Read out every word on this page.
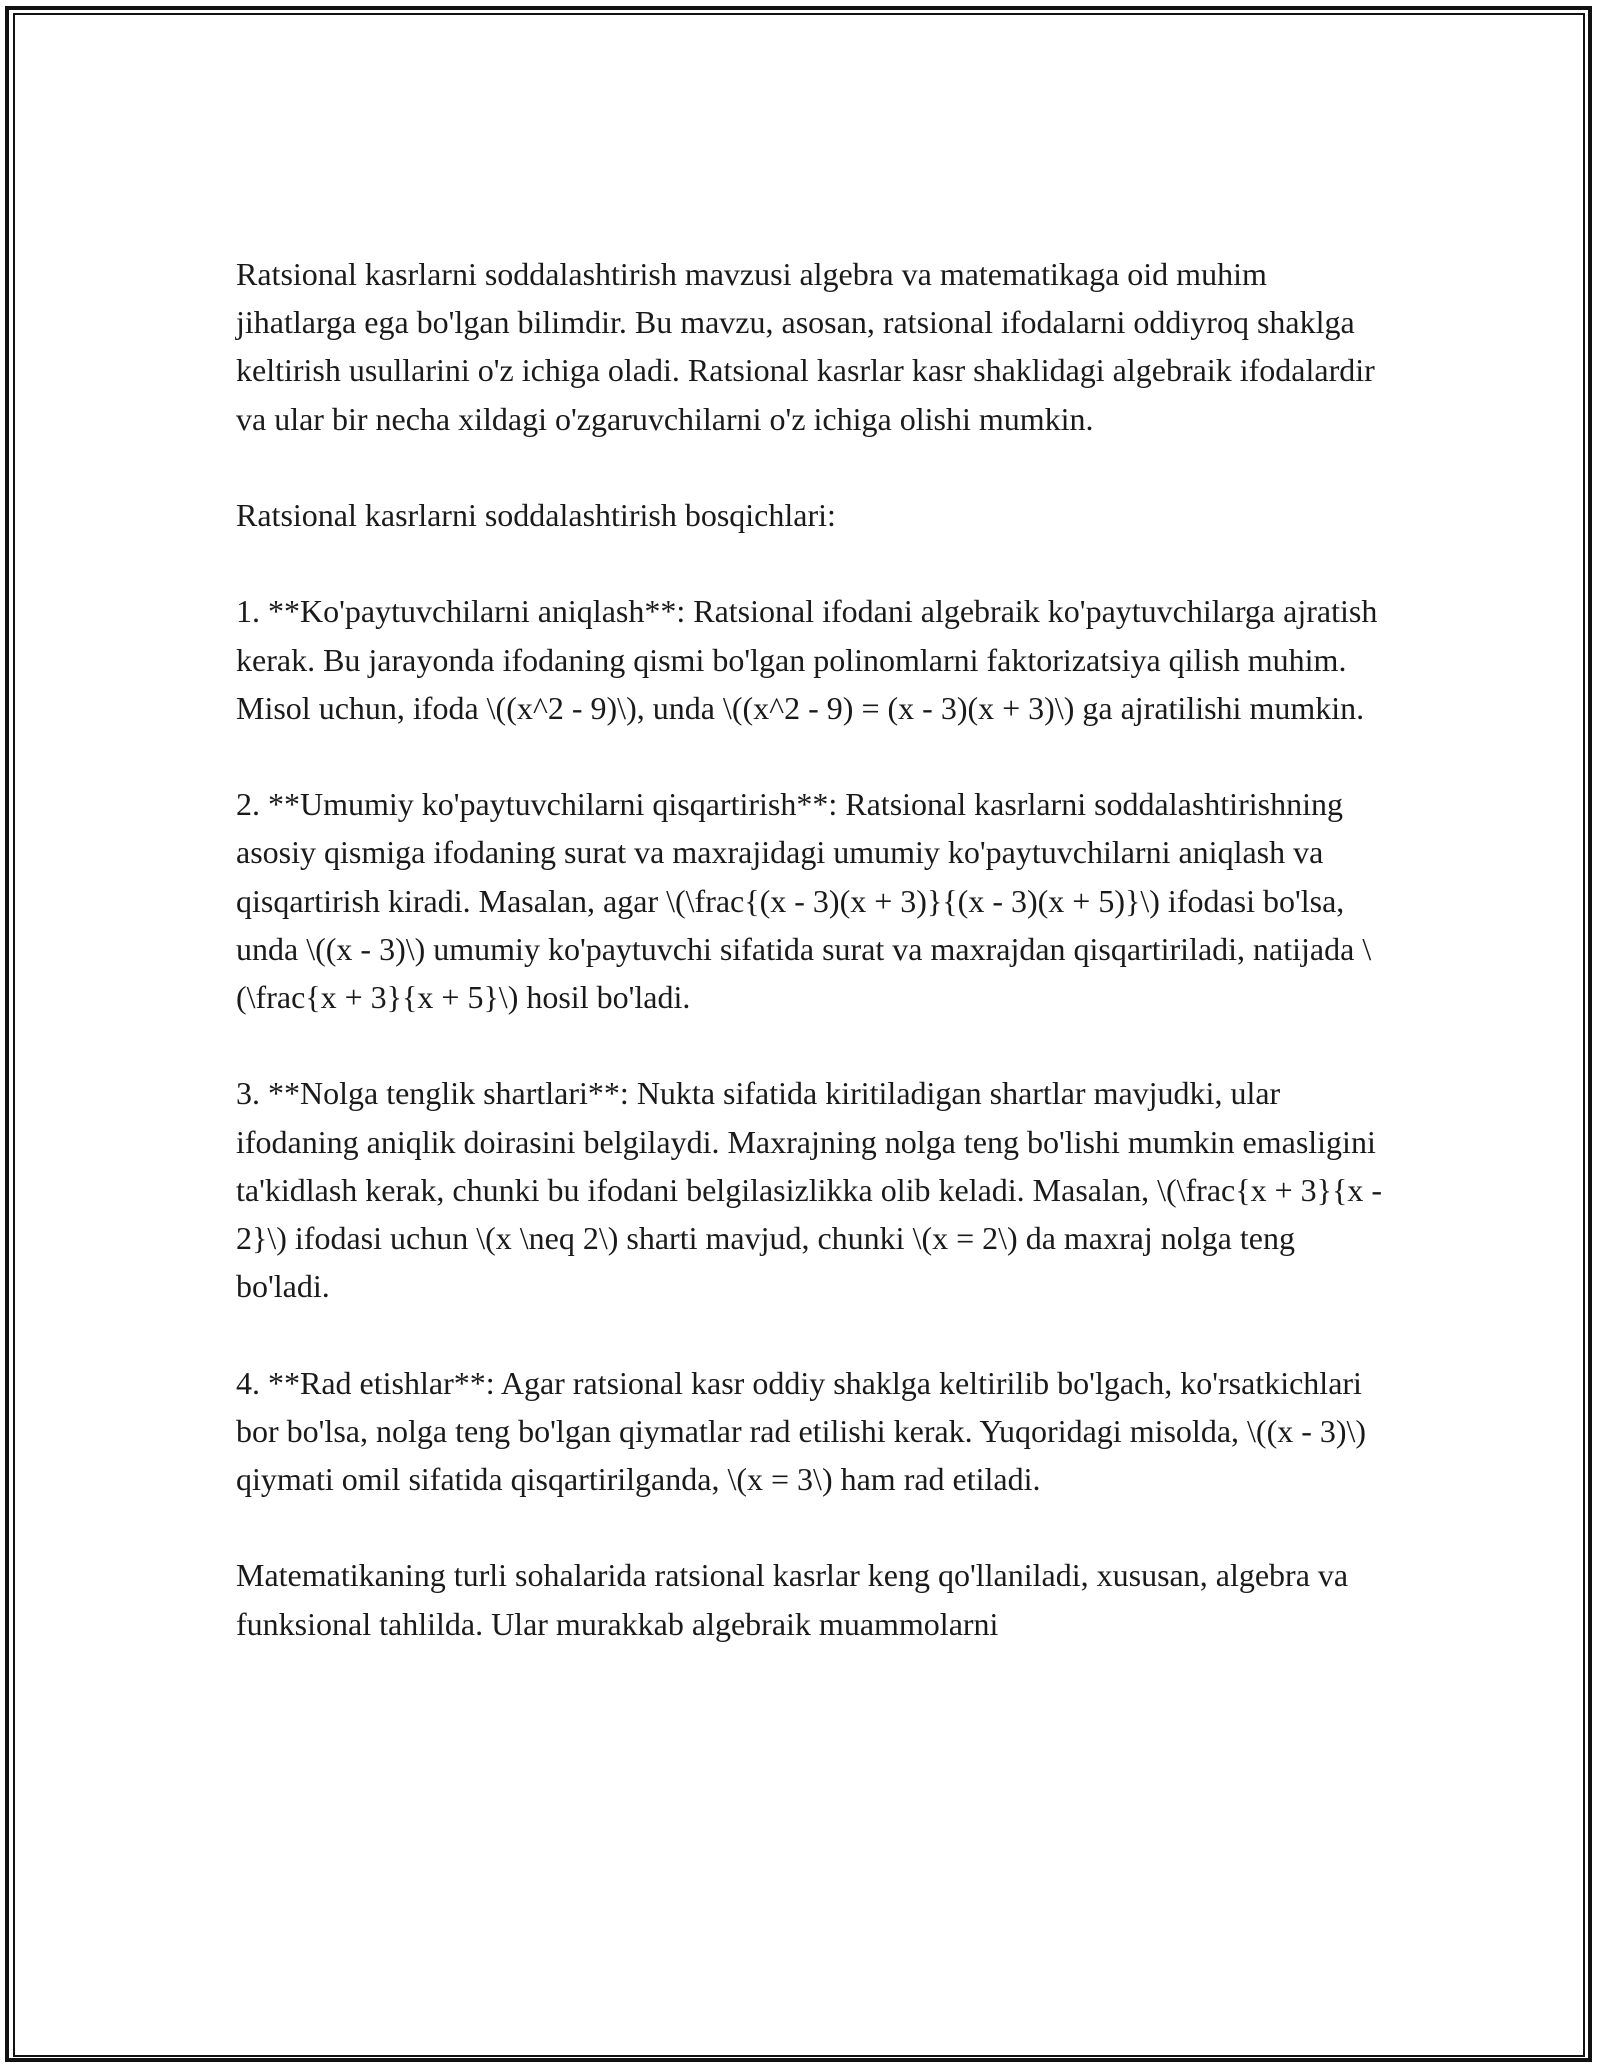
Ratsional kasrlarni soddalashtirish mavzusi algebra va matematikaga oid muhim jihatlarga ega bo'lgan bilimdir. Bu mavzu, asosan, ratsional ifodalarni oddiyroq shaklga keltirish usullarini o'z ichiga oladi. Ratsional kasrlar kasr shaklidagi algebraik ifodalardir va ular bir necha xildagi o'zgaruvchilarni o'z ichiga olishi mumkin.

Ratsional kasrlarni soddalashtirish bosqichlari:

1. **Ko'paytuvchilarni aniqlash**: Ratsional ifodani algebraik ko'paytuvchilarga ajratish kerak. Bu jarayonda ifodaning qismi bo'lgan polinomlarni faktorizatsiya qilish muhim. Misol uchun, ifoda \((x^2 - 9)\), unda \((x^2 - 9) = (x - 3)(x + 3)\) ga ajratilishi mumkin.

2. **Umumiy ko'paytuvchilarni qisqartirish**: Ratsional kasrlarni soddalashtirishning asosiy qismiga ifodaning surat va maxrajidagi umumiy ko'paytuvchilarni aniqlash va qisqartirish kiradi. Masalan, agar \(\frac{(x - 3)(x + 3)}{(x - 3)(x + 5)}\) ifodasi bo'lsa, unda \((x - 3)\) umumiy ko'paytuvchi sifatida surat va maxrajdan qisqartiriladi, natijada \(\frac{x + 3}{x + 5}\) hosil bo'ladi.

3. **Nolga tenglik shartlari**: Nukta sifatida kiritiladigan shartlar mavjudki, ular ifodaning aniqlik doirasini belgilaydi. Maxrajning nolga teng bo'lishi mumkin emasligini ta'kidlash kerak, chunki bu ifodani belgilasizlikka olib keladi. Masalan, \(\frac{x + 3}{x - 2}\) ifodasi uchun \(x \neq 2\) sharti mavjud, chunki \(x = 2\) da maxraj nolga teng bo'ladi.

4. **Rad etishlar**: Agar ratsional kasr oddiy shaklga keltirilib bo'lgach, ko'rsatkichlari bor bo'lsa, nolga teng bo'lgan qiymatlar rad etilishi kerak. Yuqoridagi misolda, \((x - 3)\) qiymati omil sifatida qisqartirilganda, \(x = 3\) ham rad etiladi.

Matematikaning turli sohalarida ratsional kasrlar keng qo'llaniladi, xususan, algebra va funksional tahlilda. Ular murakkab algebraik muammolarni
